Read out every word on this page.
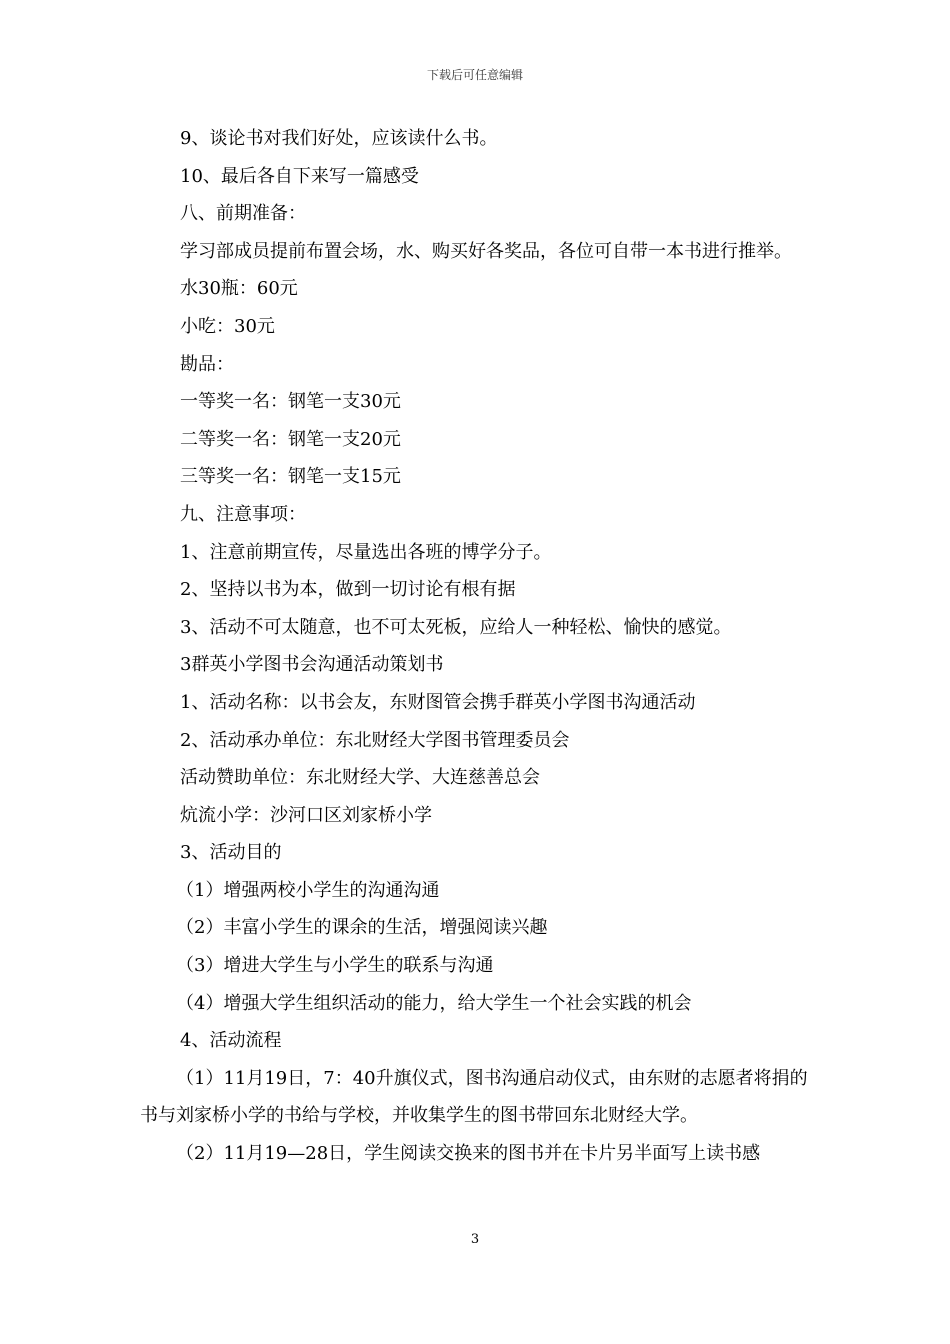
下载后可任意编辑

9、谈论书对我们好处，应该读什么书。

10、最后各自下来写一篇感受

八、前期准备：

学习部成员提前布置会场，水、购买好各奖品，各位可自带一本书进行推举。

水30瓶：60元

小吃：30元

勘品：

一等奖一名：钢笔一支30元

二等奖一名：钢笔一支20元

三等奖一名：钢笔一支15元

九、注意事项：

1、注意前期宣传，尽量选出各班的博学分子。

2、坚持以书为本，做到一切讨论有根有据

3、活动不可太随意，也不可太死板，应给人一种轻松、愉快的感觉。

3群英小学图书会沟通活动策划书

1、活动名称：以书会友，东财图管会携手群英小学图书沟通活动

2、活动承办单位：东北财经大学图书管理委员会

活动赞助单位：东北财经大学、大连慈善总会

炕流小学：沙河口区刘家桥小学

3、活动目的

（1）增强两校小学生的沟通沟通

（2）丰富小学生的课余的生活，增强阅读兴趣

（3）增进大学生与小学生的联系与沟通

（4）增强大学生组织活动的能力，给大学生一个社会实践的机会

4、活动流程

（1）11月19日，7：40升旗仪式，图书沟通启动仪式，由东财的志愿者将捐的书与刘家桥小学的书给与学校，并收集学生的图书带回东北财经大学。

（2）11月19—28日，学生阅读交换来的图书并在卡片另半面写上读书感

3
